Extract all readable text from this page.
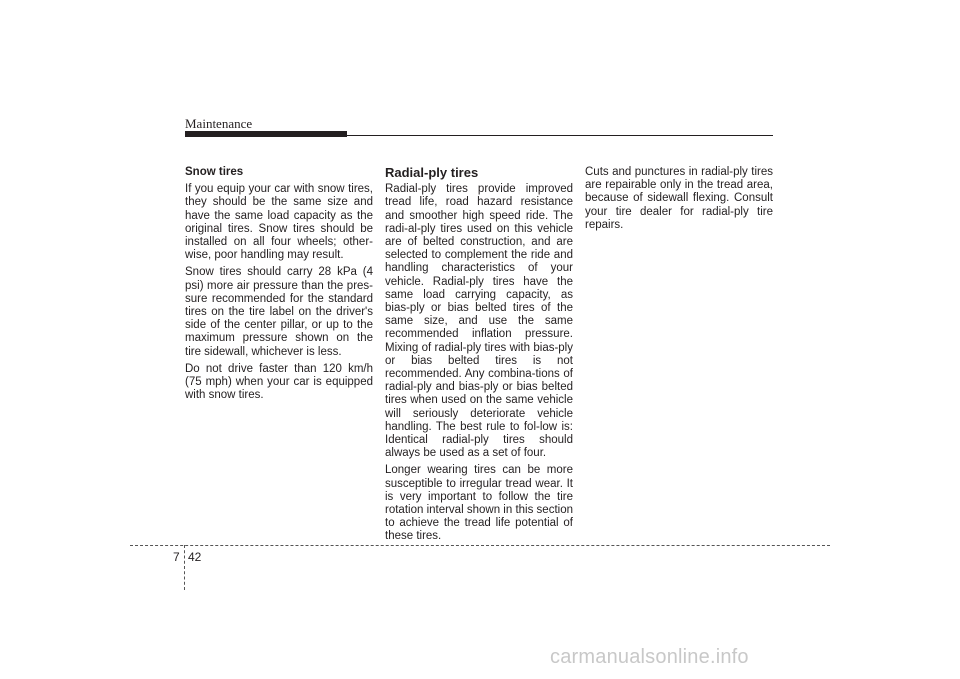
Maintenance

Snow tires

If you equip your car with snow tires, they should be the same size and have the same load capacity as the original tires. Snow tires should be installed on all four wheels; other-wise, poor handling may result.

Snow tires should carry 28 kPa (4 psi) more air pressure than the pres-sure recommended for the standard tires on the tire label on the driver's side of the center pillar, or up to the maximum pressure shown on the tire sidewall, whichever is less.

Do not drive faster than 120 km/h (75 mph) when your car is equipped with snow tires.

Radial-ply tires

Radial-ply tires provide improved tread life, road hazard resistance and smoother high speed ride. The radi-al-ply tires used on this vehicle are of belted construction, and are selected to complement the ride and handling characteristics of your vehicle. Radial-ply tires have the same load carrying capacity, as bias-ply or bias belted tires of the same size, and use the same recommended inflation pressure. Mixing of radial-ply tires with bias-ply or bias belted tires is not recommended. Any combina-tions of radial-ply and bias-ply or bias belted tires when used on the same vehicle will seriously deteriorate vehicle handling. The best rule to fol-low is: Identical radial-ply tires should always be used as a set of four.

Longer wearing tires can be more susceptible to irregular tread wear. It is very important to follow the tire rotation interval shown in this section to achieve the tread life potential of these tires.

Cuts and punctures in radial-ply tires are repairable only in the tread area, because of sidewall flexing. Consult your tire dealer for radial-ply tire repairs.

7 42
carmanualsonline.info
